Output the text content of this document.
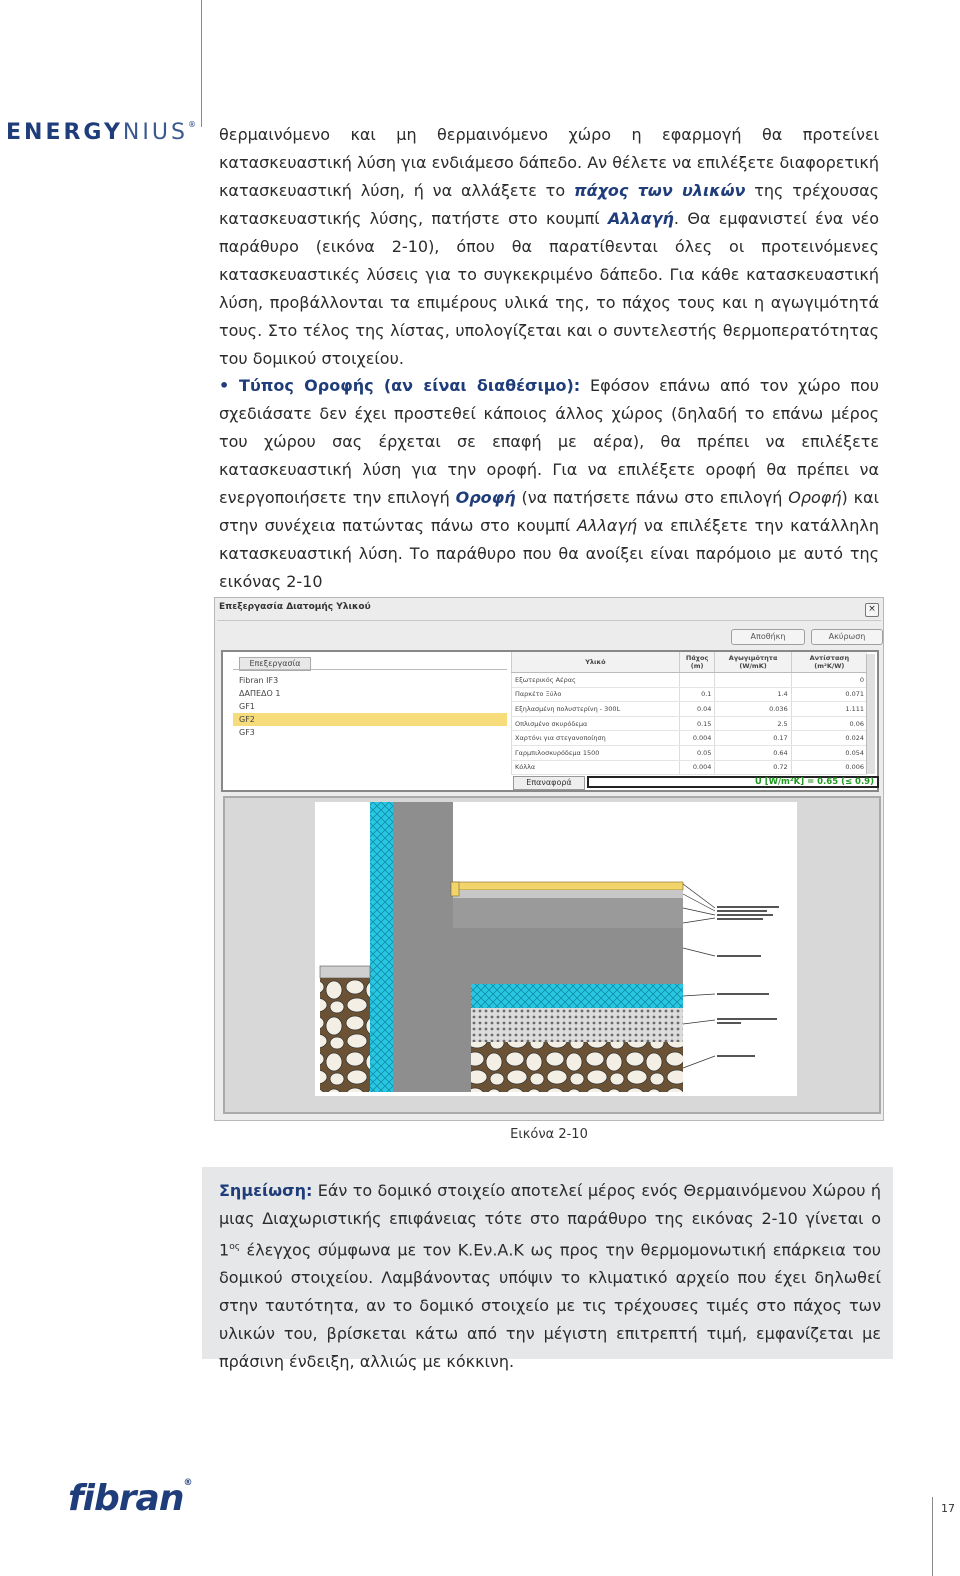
ENERGYNIUS®

θερμαινόμενο και μη θερμαινόμενο χώρο η εφαρμογή θα προτείνει κατασκευαστική λύση για ενδιάμεσο δάπεδο. Αν θέλετε να επιλέξετε διαφορετική κατασκευαστική λύση, ή να αλλάξετε το πάχος των υλικών της τρέχουσας κατασκευαστικής λύσης, πατήστε στο κουμπί Αλλαγή. Θα εμφανιστεί ένα νέο παράθυρο (εικόνα 2-10), όπου θα παρατίθενται όλες οι προτεινόμενες κατασκευαστικές λύσεις για το συγκεκριμένο δάπεδο. Για κάθε κατασκευαστική λύση, προβάλλονται τα επιμέρους υλικά της, το πάχος τους και η αγωγιμότητά τους. Στο τέλος της λίστας, υπολογίζεται και ο συντελεστής θερμοπερατότητας του δομικού στοιχείου.

• Τύπος Οροφής (αν είναι διαθέσιμο): Εφόσον επάνω από τον χώρο που σχεδιάσατε δεν έχει προστεθεί κάποιος άλλος χώρος (δηλαδή το επάνω μέρος του χώρου σας έρχεται σε επαφή με αέρα), θα πρέπει να επιλέξετε κατασκευαστική λύση για την οροφή. Για να επιλέξετε οροφή θα πρέπει να ενεργοποιήσετε την επιλογή Οροφή (να πατήσετε πάνω στο επιλογή Οροφή) και στην συνέχεια πατώντας πάνω στο κουμπί Αλλαγή να επιλέξετε την κατάλληλη κατασκευαστική λύση. Το παράθυρο που θα ανοίξει είναι παρόμοιο με αυτό της εικόνας 2-10

Επεξεργασία Διατομής Υλικού	×
Αποθήκη	Ακύρωση
Επεξεργασία
Fibran IF3
ΔΑΠΕΔΟ 1
GF1
GF2
GF3
Υλικό	Πάχος (m)	Αγωγιμότητα (W/mK)	Αντίσταση (m²K/W)
Εξωτερικός Αέρας			0
Παρκέτο Ξύλο	0.1	1.4	0.071
Εξηλασμένη πολυστερίνη - 300L	0.04	0.036	1.111
Οπλισμένο σκυρόδεμα	0.15	2.5	0.06
Χαρτόνι για στεγανοποίηση	0.004	0.17	0.024
Γαρμπιλοσκυρόδεμα 1500	0.05	0.64	0.054
Κόλλα	0.004	0.72	0.006
Επαναφορά	U [W/m²K] = 0.65 (≤ 0.9)
Εικόνα 2-10

Σημείωση: Εάν το δομικό στοιχείο αποτελεί μέρος ενός Θερμαινόμενου Χώρου ή μιας Διαχωριστικής επιφάνειας τότε στο παράθυρο της εικόνας 2-10 γίνεται ο $1^{o\varsigma}$ έλεγχος σύμφωνα με τον Κ.Εν.Α.Κ ως προς την θερμομονωτική επάρκεια του δομικού στοιχείου. Λαμβάνοντας υπόψιν το κλιματικό αρχείο που έχει δηλωθεί στην ταυτότητα, αν το δομικό στοιχείο με τις τρέχουσες τιμές στο πάχος των υλικών του, βρίσκεται κάτω από την μέγιστη επιτρεπτή τιμή, εμφανίζεται με πράσινη ένδειξη, αλλιώς με κόκκινη.

fibran®
17
